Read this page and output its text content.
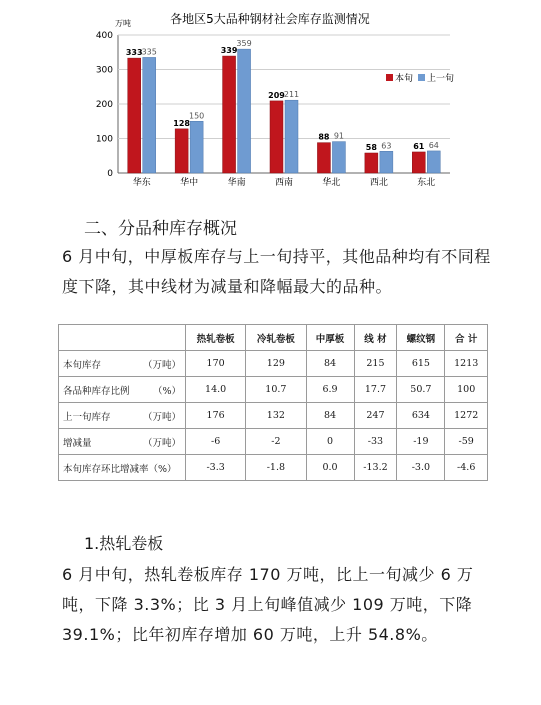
各地区5大品种钢材社会库存监测情况
万吨
0
100
200
300
400
333 335
128
150
339
359
209 211
88 91
58 63	61 64
华东	华中	华南	西南	华北	西北	东北
本旬 上一旬
二、分品种库存概况
6 月中旬，中厚板库存与上一旬持平，其他品种均有不同程度下降，其中线材为减量和降幅最大的品种。
	热轧卷板	冷轧卷板	中厚板	线 材	螺纹钢	合 计
本旬库存 （万吨）	170	129	84	215	615	1213
各品种库存比例 （%）	14.0	10.7	6.9	17.7	50.7	100
上一旬库存 （万吨）	176	132	84	247	634	1272
增减量 （万吨）	-6	-2	0	-33	-19	-59
本旬库存环比增减率（%）	-3.3	-1.8	0.0	-13.2	-3.0	-4.6
1.热轧卷板
6 月中旬，热轧卷板库存 170 万吨，比上一旬减少 6 万吨，下降 3.3%；比 3 月上旬峰值减少 109 万吨，下降 39.1%；比年初库存增加 60 万吨，上升 54.8%。
